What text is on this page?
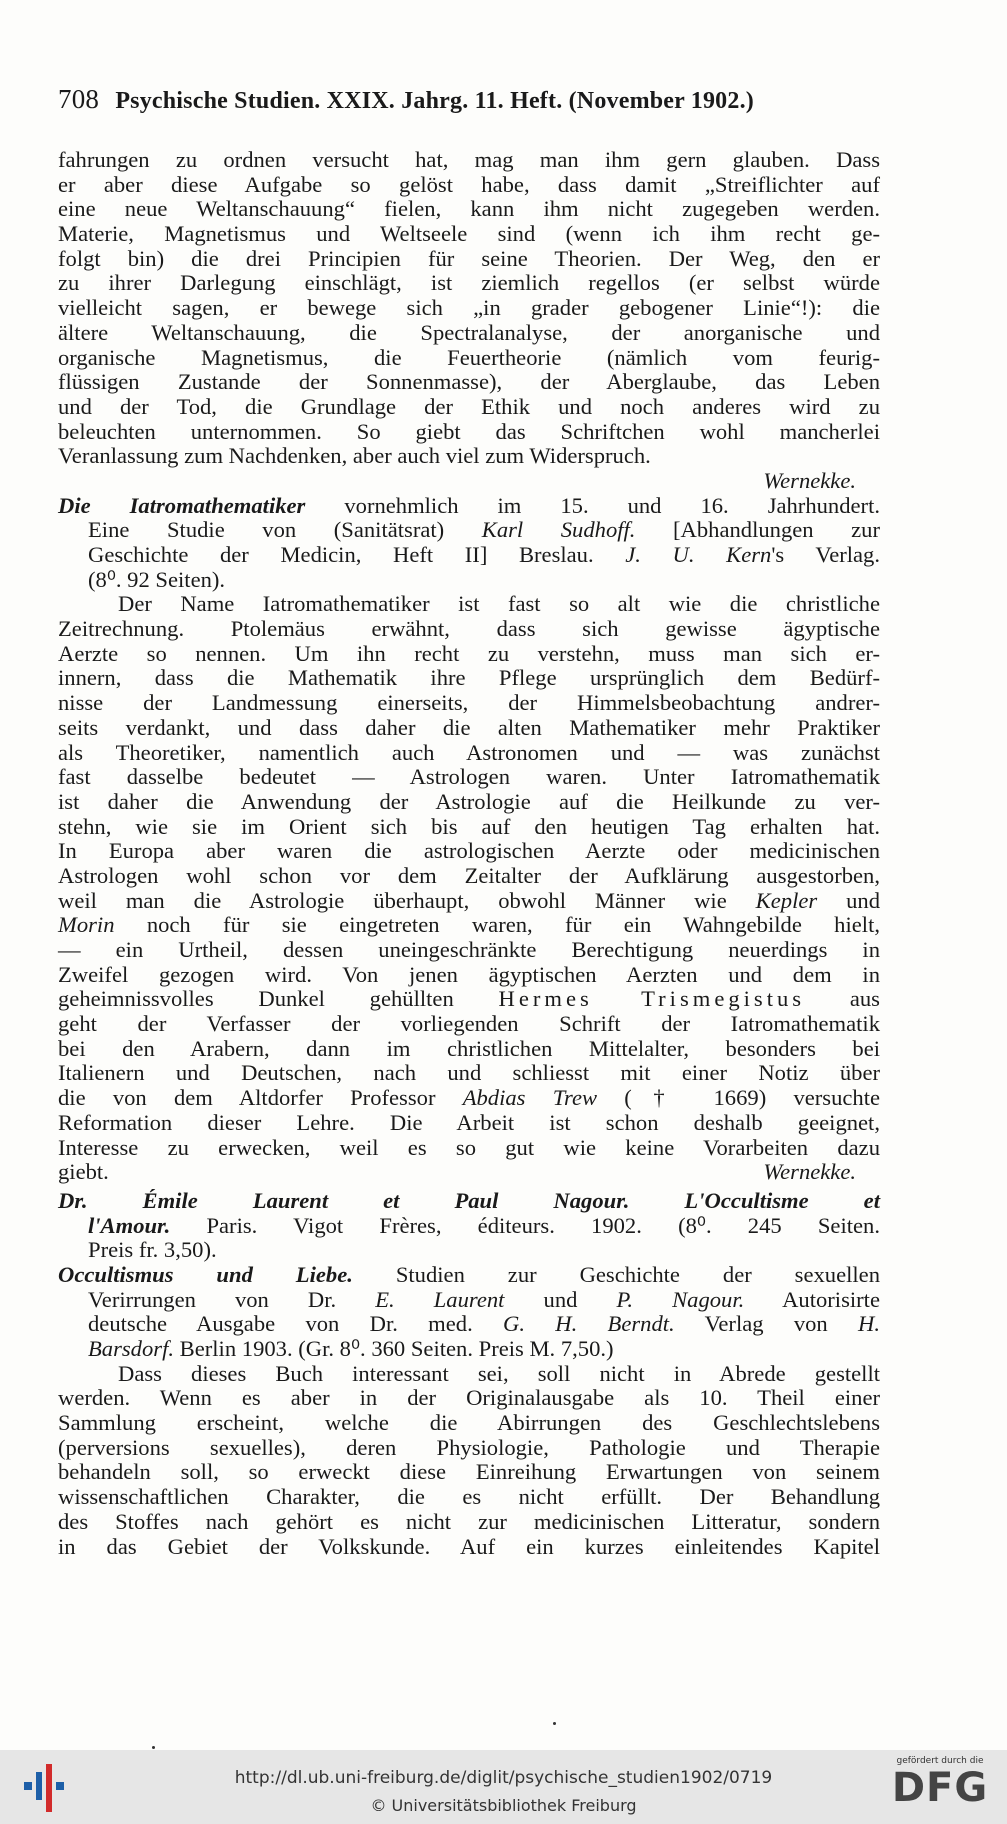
708 Psychische Studien. XXIX. Jahrg. 11. Heft. (November 1902.)
fahrungen zu ordnen versucht hat, mag man ihm gern glauben. Dass
er aber diese Aufgabe so gelöst habe, dass damit „Streiflichter auf
eine neue Weltanschauung“ fielen, kann ihm nicht zugegeben werden.
Materie, Magnetismus und Weltseele sind (wenn ich ihm recht ge-
folgt bin) die drei Principien für seine Theorien. Der Weg, den er
zu ihrer Darlegung einschlägt, ist ziemlich regellos (er selbst würde
vielleicht sagen, er bewege sich „in grader gebogener Linie“!): die
ältere Weltanschauung, die Spectralanalyse, der anorganische und
organische Magnetismus, die Feuertheorie (nämlich vom feurig-
flüssigen Zustande der Sonnenmasse), der Aberglaube, das Leben
und der Tod, die Grundlage der Ethik und noch anderes wird zu
beleuchten unternommen. So giebt das Schriftchen wohl mancherlei
Veranlassung zum Nachdenken, aber auch viel zum Widerspruch.
Wernekke.
Die Iatromathematiker vornehmlich im 15. und 16. Jahrhundert.
Eine Studie von (Sanitätsrat) Karl Sudhoff. [Abhandlungen zur
Geschichte der Medicin, Heft II] Breslau. J. U. Kern's Verlag.
(8⁰. 92 Seiten).
Der Name Iatromathematiker ist fast so alt wie die christliche
Zeitrechnung. Ptolemäus erwähnt, dass sich gewisse ägyptische
Aerzte so nennen. Um ihn recht zu verstehn, muss man sich er-
innern, dass die Mathematik ihre Pflege ursprünglich dem Bedürf-
nisse der Landmessung einerseits, der Himmelsbeobachtung andrer-
seits verdankt, und dass daher die alten Mathematiker mehr Praktiker
als Theoretiker, namentlich auch Astronomen und — was zunächst
fast dasselbe bedeutet — Astrologen waren. Unter Iatromathematik
ist daher die Anwendung der Astrologie auf die Heilkunde zu ver-
stehn, wie sie im Orient sich bis auf den heutigen Tag erhalten hat.
In Europa aber waren die astrologischen Aerzte oder medicinischen
Astrologen wohl schon vor dem Zeitalter der Aufklärung ausgestorben,
weil man die Astrologie überhaupt, obwohl Männer wie Kepler und
Morin noch für sie eingetreten waren, für ein Wahngebilde hielt,
— ein Urtheil, dessen uneingeschränkte Berechtigung neuerdings in
Zweifel gezogen wird. Von jenen ägyptischen Aerzten und dem in
geheimnissvolles Dunkel gehüllten Hermes Trismegistus aus
geht der Verfasser der vorliegenden Schrift der Iatromathematik
bei den Arabern, dann im christlichen Mittelalter, besonders bei
Italienern und Deutschen, nach und schliesst mit einer Notiz über
die von dem Altdorfer Professor Abdias Trew († 1669) versuchte
Reformation dieser Lehre. Die Arbeit ist schon deshalb geeignet,
Interesse zu erwecken, weil es so gut wie keine Vorarbeiten dazu
giebt.	Wernekke.
Dr. Émile Laurent et Paul Nagour. L'Occultisme et
l'Amour. Paris. Vigot Frères, éditeurs. 1902. (8⁰. 245 Seiten.
Preis fr. 3,50).
Occultismus und Liebe. Studien zur Geschichte der sexuellen
Verirrungen von Dr. E. Laurent und P. Nagour. Autorisirte
deutsche Ausgabe von Dr. med. G. H. Berndt. Verlag von H.
Barsdorf. Berlin 1903. (Gr. 8⁰. 360 Seiten. Preis M. 7,50.)
Dass dieses Buch interessant sei, soll nicht in Abrede gestellt
werden. Wenn es aber in der Originalausgabe als 10. Theil einer
Sammlung erscheint, welche die Abirrungen des Geschlechtslebens
(perversions sexuelles), deren Physiologie, Pathologie und Therapie
behandeln soll, so erweckt diese Einreihung Erwartungen von seinem
wissenschaftlichen Charakter, die es nicht erfüllt. Der Behandlung
des Stoffes nach gehört es nicht zur medicinischen Litteratur, sondern
in das Gebiet der Volkskunde. Auf ein kurzes einleitendes Kapitel
http://dl.ub.uni-freiburg.de/diglit/psychische_studien1902/0719
© Universitätsbibliothek Freiburg
gefördert durch die
DFG
